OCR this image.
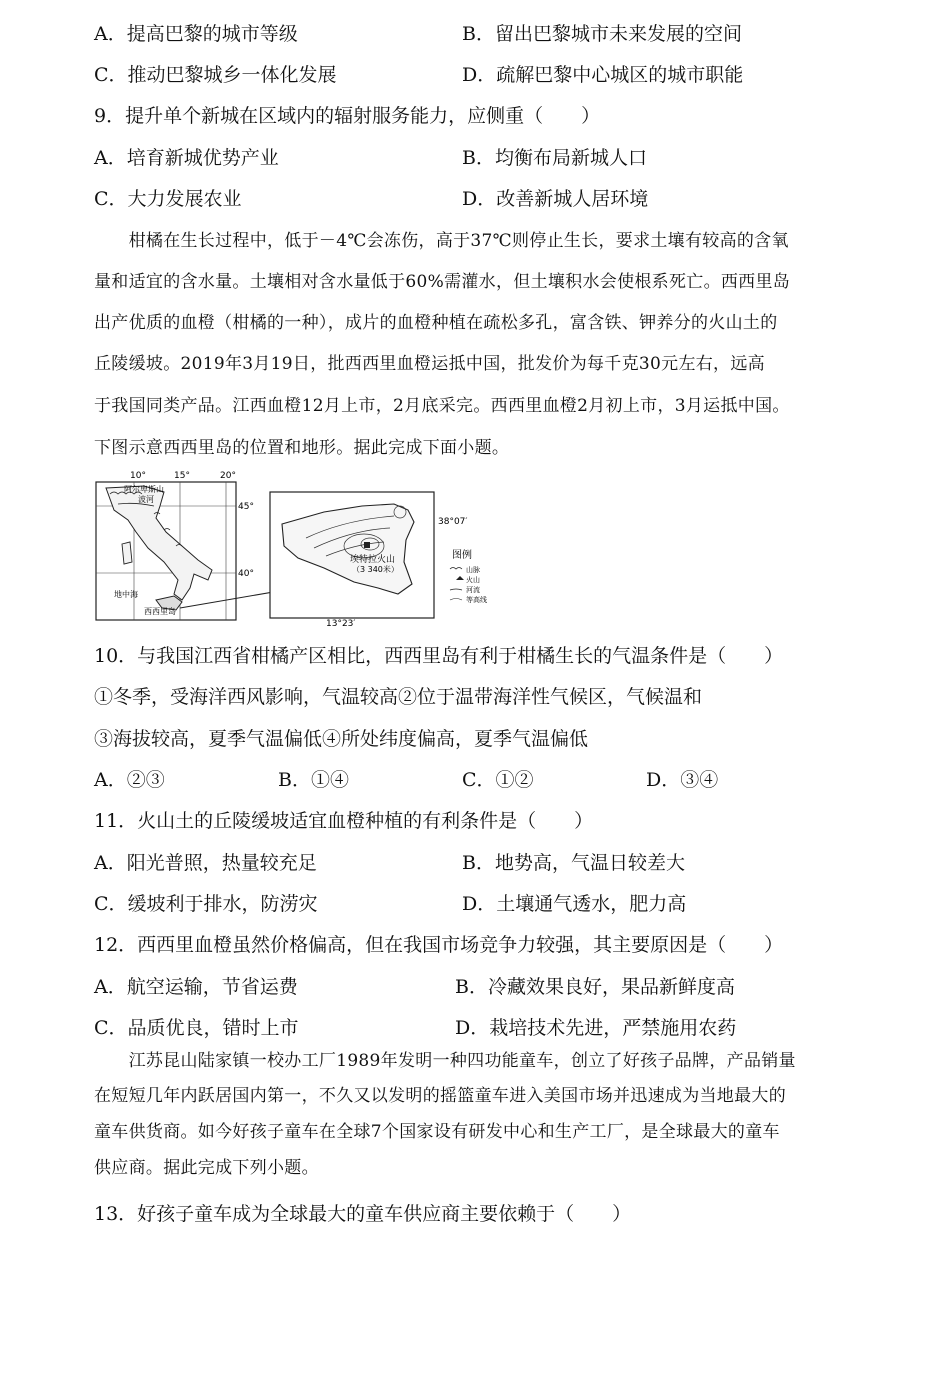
A．提高巴黎的城市等级	B．留出巴黎城市未来发展的空间
C．推动巴黎城乡一体化发展	D．疏解巴黎中心城区的城市职能
9．提升单个新城在区域内的辐射服务能力，应侧重（　　）
A．培育新城优势产业	B．均衡布局新城人口
C．大力发展农业	D．改善新城人居环境
　　柑橘在生长过程中，低于－4℃会冻伤，高于37℃则停止生长，要求土壤有较高的含氧
量和适宜的含水量。土壤相对含水量低于60%需灌水，但土壤积水会使根系死亡。西西里岛
出产优质的血橙（柑橘的一种），成片的血橙种植在疏松多孔，富含铁、钾养分的火山土的
丘陵缓坡。2019年3月19日，批西西里血橙运抵中国，批发价为每千克30元左右，远高
于我国同类产品。江西血橙12月上市，2月底采完。西西里血橙2月初上市，3月运抵中国。
下图示意西西里岛的位置和地形。据此完成下面小题。
10°	15°	20°
45°
40°
阿尔卑斯山
波河
地中海
西西里岛
38°07′
13°23′
埃特拉火山
（3 340米）
图例
山脉
火山
河流
等高线
10．与我国江西省柑橘产区相比，西西里岛有利于柑橘生长的气温条件是（　　）
①冬季，受海洋西风影响，气温较高②位于温带海洋性气候区，气候温和
③海拔较高，夏季气温偏低④所处纬度偏高，夏季气温偏低
A．②③	B．①④	C．①②	D．③④
11．火山土的丘陵缓坡适宜血橙种植的有利条件是（　　）
A．阳光普照，热量较充足	B．地势高，气温日较差大
C．缓坡利于排水，防涝灾	D．土壤通气透水，肥力高
12．西西里血橙虽然价格偏高，但在我国市场竞争力较强，其主要原因是（　　）
A．航空运输，节省运费	B．冷藏效果良好，果品新鲜度高
C．品质优良，错时上市	D．栽培技术先进，严禁施用农药
　　江苏昆山陆家镇一校办工厂1989年发明一种四功能童车，创立了好孩子品牌，产品销量
在短短几年内跃居国内第一，不久又以发明的摇篮童车进入美国市场并迅速成为当地最大的
童车供货商。如今好孩子童车在全球7个国家设有研发中心和生产工厂，是全球最大的童车
供应商。据此完成下列小题。
13．好孩子童车成为全球最大的童车供应商主要依赖于（　　）
